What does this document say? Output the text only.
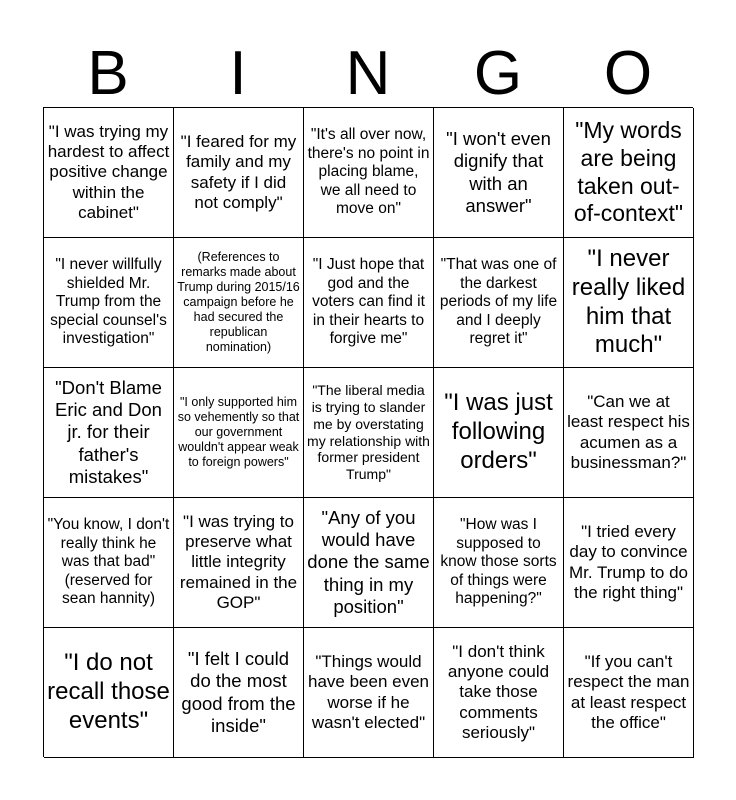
B	I	N	G	O
"I was trying my hardest to affect positive change within the cabinet"
"I feared for my family and my safety if I did not comply"
"It's all over now, there's no point in placing blame, we all need to move on"
"I won't even dignify that with an answer"
"My words are being taken out-of-context"
"I never willfully shielded Mr. Trump from the special counsel's investigation"
(References to remarks made about Trump during 2015/16 campaign before he had secured the republican nomination)
"I Just hope that god and the voters can find it in their hearts to forgive me"
"That was one of the darkest periods of my life and I deeply regret it"
"I never really liked him that much"
"Don't Blame Eric and Don jr. for their father's mistakes"
"I only supported him so vehemently so that our government wouldn't appear weak to foreign powers"
"The liberal media is trying to slander me by overstating my relationship with former president Trump"
"I was just following orders"
"Can we at least respect his acumen as a businessman?"
"You know, I don't really think he was that bad" (reserved for sean hannity)
"I was trying to preserve what little integrity remained in the GOP"
"Any of you would have done the same thing in my position"
"How was I supposed to know those sorts of things were happening?"
"I tried every day to convince Mr. Trump to do the right thing"
"I do not recall those events"
"I felt I could do the most good from the inside"
"Things would have been even worse if he wasn't elected"
"I don't think anyone could take those comments seriously"
"If you can't respect the man at least respect the office"
